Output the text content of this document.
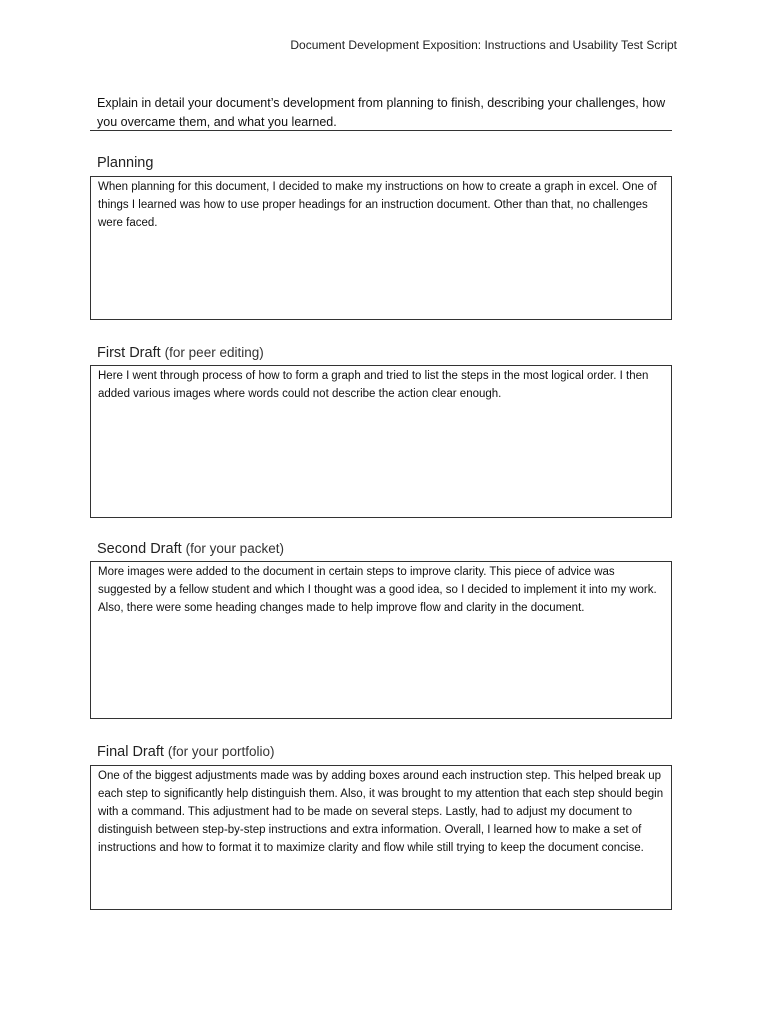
Document Development Exposition: Instructions and Usability Test Script
Explain in detail your document’s development from planning to finish, describing your challenges, how you overcame them, and what you learned.
Planning
When planning for this document, I decided to make my instructions on how to create a graph in excel. One of things I learned was how to use proper headings for an instruction document. Other than that, no challenges were faced.
First Draft (for peer editing)
Here I went through process of how to form a graph and tried to list the steps in the most logical order. I then added various images where words could not describe the action clear enough.
Second Draft (for your packet)
More images were added to the document in certain steps to improve clarity. This piece of advice was suggested by a fellow student and which I thought was a good idea, so I decided to implement it into my work. Also, there were some heading changes made to help improve flow and clarity in the document.
Final Draft (for your portfolio)
One of the biggest adjustments made was by adding boxes around each instruction step. This helped break up each step to significantly help distinguish them. Also, it was brought to my attention that each step should begin with a command. This adjustment had to be made on several steps. Lastly, had to adjust my document to distinguish between step-by-step instructions and extra information. Overall, I learned how to make a set of instructions and how to format it to maximize clarity and flow while still trying to keep the document concise.
